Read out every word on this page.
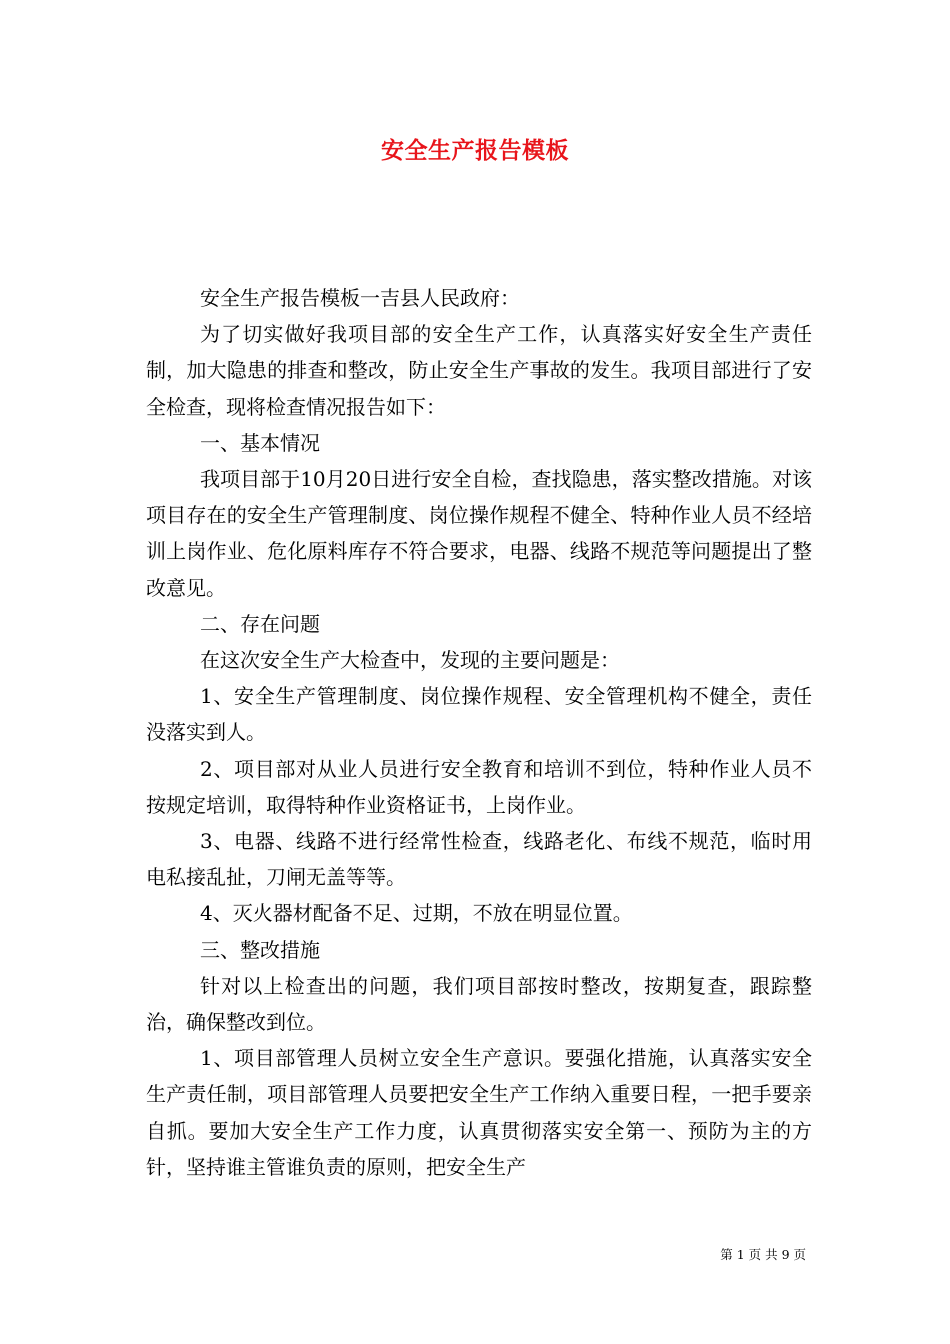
安全生产报告模板

安全生产报告模板一吉县人民政府：

为了切实做好我项目部的安全生产工作，认真落实好安全生产责任制，加大隐患的排查和整改，防止安全生产事故的发生。我项目部进行了安全检查，现将检查情况报告如下：

一、基本情况

我项目部于10月20日进行安全自检，查找隐患，落实整改措施。对该项目存在的安全生产管理制度、岗位操作规程不健全、特种作业人员不经培训上岗作业、危化原料库存不符合要求，电器、线路不规范等问题提出了整改意见。

二、存在问题

在这次安全生产大检查中，发现的主要问题是：

1、安全生产管理制度、岗位操作规程、安全管理机构不健全，责任没落实到人。

2、项目部对从业人员进行安全教育和培训不到位，特种作业人员不按规定培训，取得特种作业资格证书，上岗作业。

3、电器、线路不进行经常性检查，线路老化、布线不规范，临时用电私接乱扯，刀闸无盖等等。

4、灭火器材配备不足、过期，不放在明显位置。

三、整改措施

针对以上检查出的问题，我们项目部按时整改，按期复查，跟踪整治，确保整改到位。

1、项目部管理人员树立安全生产意识。要强化措施，认真落实安全生产责任制，项目部管理人员要把安全生产工作纳入重要日程，一把手要亲自抓。要加大安全生产工作力度，认真贯彻落实安全第一、预防为主的方针，坚持谁主管谁负责的原则，把安全生产

第 1 页 共 9 页
